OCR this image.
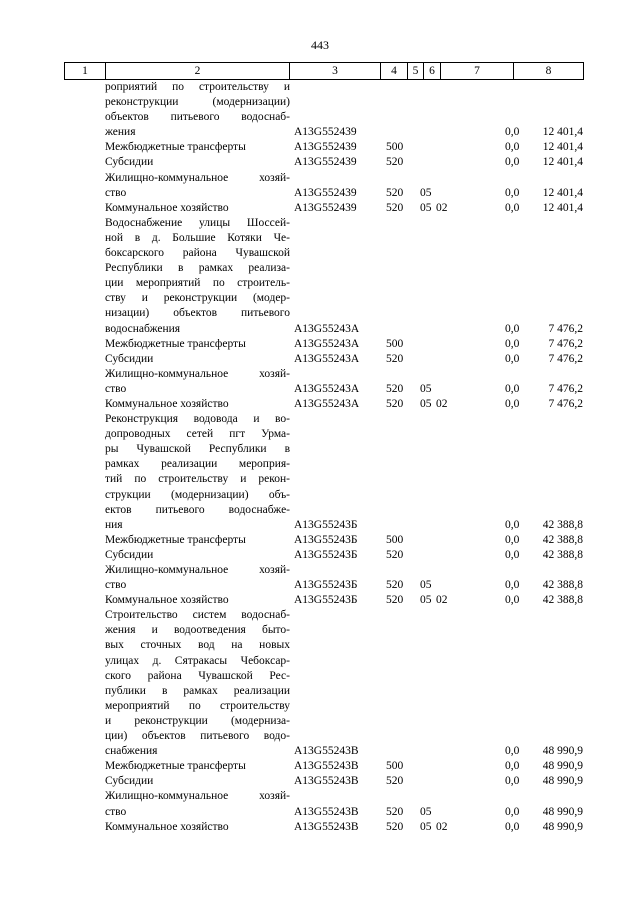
443
1	2	3	4	5	6	7	8
роприятий по строительству и
реконструкции (модернизации)
объектов питьевого водоснаб-
жения	А13G552439	0,0 12 401,4
Межбюджетные трансферты	А13G552439	500	0,0 12 401,4
Субсидии	А13G552439	520	0,0 12 401,4
Жилищно-коммунальное хозяй-
ство	А13G552439	520 05	0,0 12 401,4
Коммунальное хозяйство	А13G552439	520 05 02	0,0 12 401,4
Водоснабжение улицы Шоссей-
ной в д. Большие Котяки Че-
боксарского района Чувашской
Республики в рамках реализа-
ции мероприятий по строитель-
ству и реконструкции (модер-
низации) объектов питьевого
водоснабжения	А13G55243А	0,0	7 476,2
Межбюджетные трансферты	А13G55243А 500	0,0	7 476,2
Субсидии	А13G55243А 520	0,0	7 476,2
Жилищно-коммунальное хозяй-
ство	А13G55243А 520 05	0,0	7 476,2
Коммунальное хозяйство	А13G55243А 520 05 02	0,0	7 476,2
Реконструкция водовода и во-
допроводных сетей пгт Урма-
ры Чувашской Республики в
рамках реализации мероприя-
тий по строительству и рекон-
струкции (модернизации) объ-
ектов питьевого водоснабже-
ния	А13G55243Б	0,0 42 388,8
Межбюджетные трансферты	А13G55243Б 500	0,0 42 388,8
Субсидии	А13G55243Б 520	0,0 42 388,8
Жилищно-коммунальное хозяй-
ство	А13G55243Б 520 05	0,0 42 388,8
Коммунальное хозяйство	А13G55243Б 520 05 02	0,0 42 388,8
Строительство систем водоснаб-
жения и водоотведения быто-
вых сточных вод на новых
улицах д. Сятракасы Чебоксар-
ского района Чувашской Рес-
публики в рамках реализации
мероприятий по строительству
и реконструкции (модерниза-
ции) объектов питьевого водо-
снабжения	А13G55243В	0,0 48 990,9
Межбюджетные трансферты	А13G55243В 500	0,0 48 990,9
Субсидии	А13G55243В 520	0,0 48 990,9
Жилищно-коммунальное хозяй-
ство	А13G55243В 520 05	0,0 48 990,9
Коммунальное хозяйство	А13G55243В 520 05 02	0,0 48 990,9
